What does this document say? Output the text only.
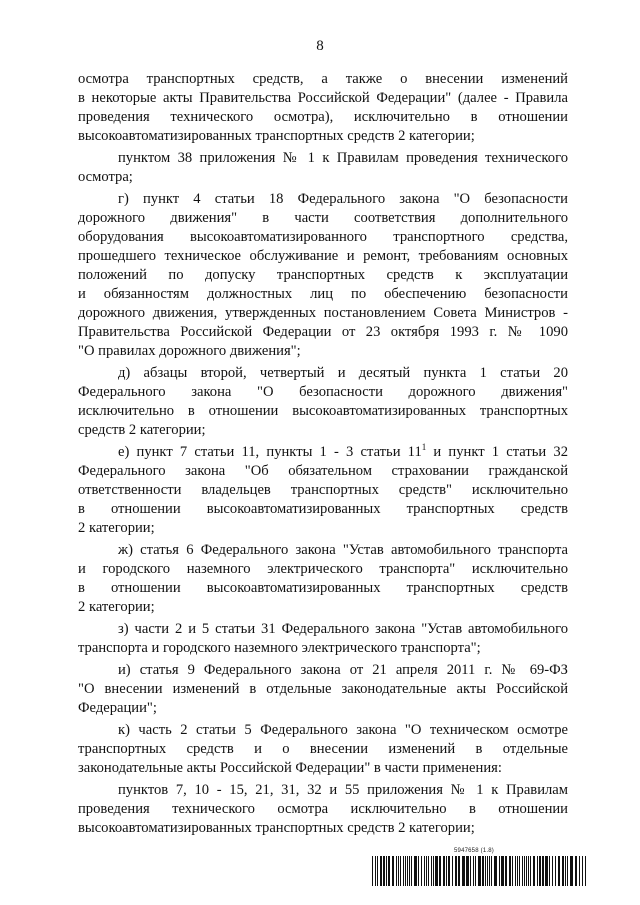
8
осмотра транспортных средств, а также о внесении изменений
в некоторые акты Правительства Российской Федерации" (далее - Правила
проведения технического осмотра), исключительно в отношении
высокоавтоматизированных транспортных средств 2 категории;
пунктом 38 приложения № 1 к Правилам проведения технического
осмотра;
г) пункт 4 статьи 18 Федерального закона "О безопасности
дорожного движения" в части соответствия дополнительного
оборудования высокоавтоматизированного транспортного средства,
прошедшего техническое обслуживание и ремонт, требованиям основных
положений по допуску транспортных средств к эксплуатации
и обязанностям должностных лиц по обеспечению безопасности
дорожного движения, утвержденных постановлением Совета Министров -
Правительства Российской Федерации от 23 октября 1993 г. № 1090
"О правилах дорожного движения";
д) абзацы второй, четвертый и десятый пункта 1 статьи 20
Федерального закона "О безопасности дорожного движения"
исключительно в отношении высокоавтоматизированных транспортных
средств 2 категории;
е) пункт 7 статьи 11, пункты 1 - 3 статьи $11^1$ и пункт 1 статьи 32
Федерального закона "Об обязательном страховании гражданской
ответственности владельцев транспортных средств" исключительно
в отношении высокоавтоматизированных транспортных средств
2 категории;
ж) статья 6 Федерального закона "Устав автомобильного транспорта
и городского наземного электрического транспорта" исключительно
в отношении высокоавтоматизированных транспортных средств
2 категории;
з) части 2 и 5 статьи 31 Федерального закона "Устав автомобильного
транспорта и городского наземного электрического транспорта";
и) статья 9 Федерального закона от 21 апреля 2011 г. № 69-ФЗ
"О внесении изменений в отдельные законодательные акты Российской
Федерации";
к) часть 2 статьи 5 Федерального закона "О техническом осмотре
транспортных средств и о внесении изменений в отдельные
законодательные акты Российской Федерации" в части применения:
пунктов 7, 10 - 15, 21, 31, 32 и 55 приложения № 1 к Правилам
проведения технического осмотра исключительно в отношении
высокоавтоматизированных транспортных средств 2 категории;
5947658 (1.8)
